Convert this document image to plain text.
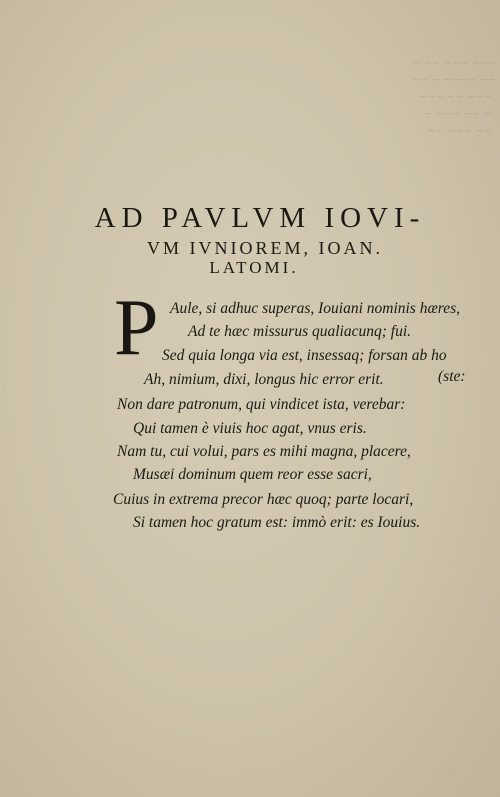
~ ~~ ~~~ ~~~
~~ ~ ~~~~ ~~
~~~ ~~ ~~~
~ ~~~ ~~ ~
~~ ~~~ ~~
AD PAVLVM IOVI-
VM IVNIOREM, IOAN.
LATOMI.
P Aule, si adhuc superas, Iouiani nominis hæres,
Ad te hæc missurus qualiacunq; fui.
Sed quia longa via est, insessaq; forsan ab ho
Ah, nimium, dixi, longus hic error erit.	(ste:
Non dare patronum, qui vindicet ista, verebar:
Qui tamen è viuis hoc agat, vnus eris.
Nam tu, cui volui, pars es mihi magna, placere,
Musæi dominum quem reor esse sacri,
Cuius in extrema precor hæc quoq; parte locari,
Si tamen hoc gratum est: immò erit: es Iouius.
